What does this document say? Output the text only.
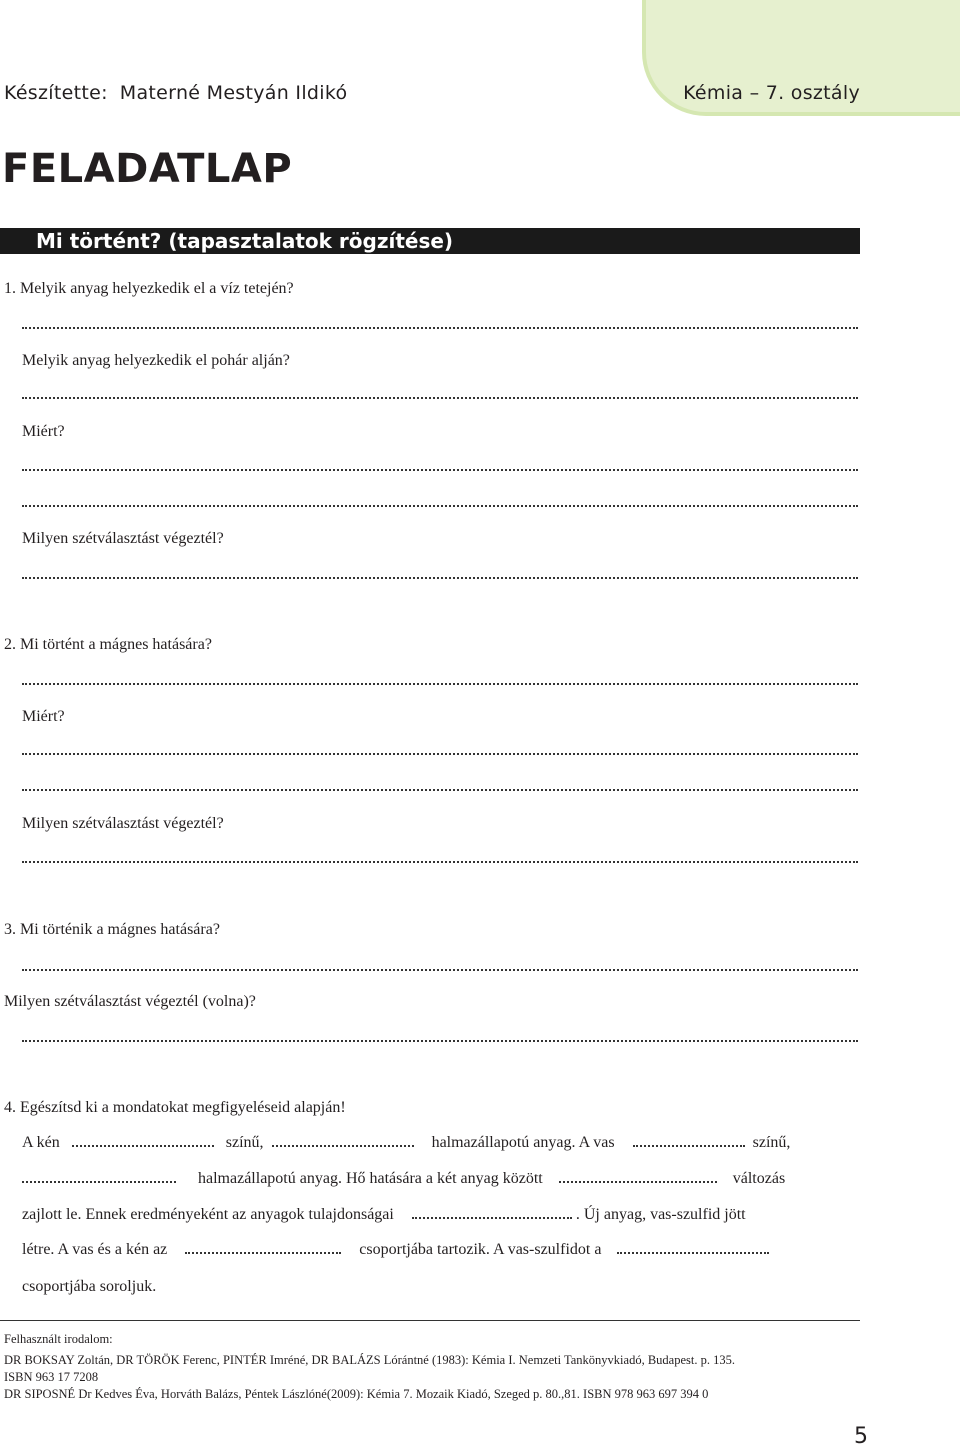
Készítette: Materné Mestyán Ildikó	Kémia – 7. osztály
FELADATLAP
Mi történt? (tapasztalatok rögzítése)
1. Melyik anyag helyezkedik el a víz tetején?
Melyik anyag helyezkedik el pohár alján?
Miért?
Milyen szétválasztást végeztél?
2. Mi történt a mágnes hatására?
Miért?
Milyen szétválasztást végeztél?
3. Mi történik a mágnes hatására?
Milyen szétválasztást végeztél (volna)?
4. Egészítsd ki a mondatokat megfigyeléseid alapján!
A kén	színű,	halmazállapotú anyag. A vas	színű,
halmazállapotú anyag. Hő hatására a két anyag között	változás
zajlott le. Ennek eredményeként az anyagok tulajdonságai	. Új anyag, vas-szulfid jött
létre. A vas és a kén az	csoportjába tartozik. A vas-szulfidot a
csoportjába soroljuk.
Felhasznált irodalom:
DR BOKSAY Zoltán, DR TÖRÖK Ferenc, PINTÉR Imréné, DR BALÁZS Lórántné (1983): Kémia I. Nemzeti Tankönyvkiadó, Budapest. p. 135.
ISBN 963 17 7208
DR SIPOSNÉ Dr Kedves Éva, Horváth Balázs, Péntek Lászlóné(2009): Kémia 7. Mozaik Kiadó, Szeged p. 80.,81. ISBN 978 963 697 394 0
5
